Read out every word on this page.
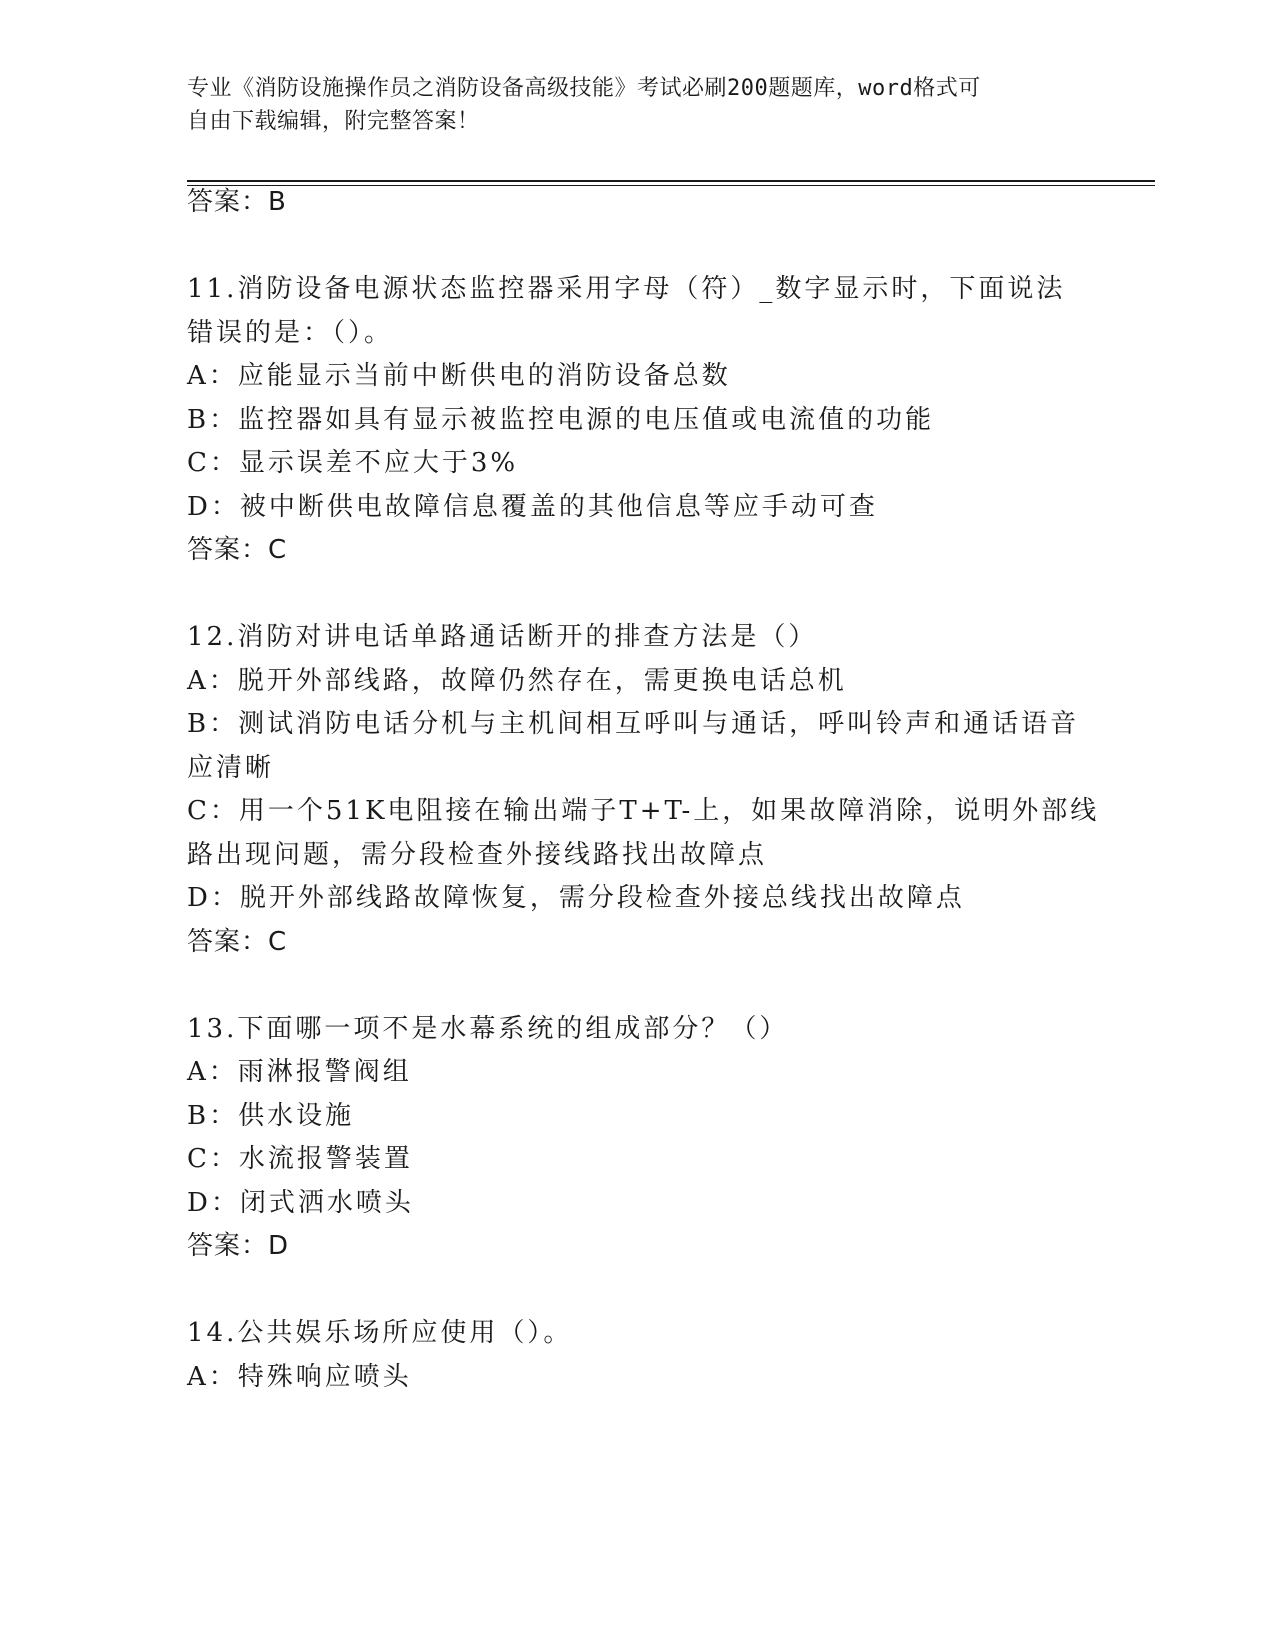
专业《消防设施操作员之消防设备高级技能》考试必刷200题题库，word格式可
自由下载编辑，附完整答案！
答案：B
11.消防设备电源状态监控器采用字母（符）_数字显示时，下面说法
错误的是：（）。
A：应能显示当前中断供电的消防设备总数
B：监控器如具有显示被监控电源的电压值或电流值的功能
C：显示误差不应大于3%
D：被中断供电故障信息覆盖的其他信息等应手动可查
答案：C
12.消防对讲电话单路通话断开的排查方法是（）
A：脱开外部线路，故障仍然存在，需更换电话总机
B：测试消防电话分机与主机间相互呼叫与通话，呼叫铃声和通话语音
应清晰
C：用一个51K电阻接在输出端子T+T-上，如果故障消除，说明外部线
路出现问题，需分段检查外接线路找出故障点
D：脱开外部线路故障恢复，需分段检查外接总线找出故障点
答案：C
13.下面哪一项不是水幕系统的组成部分？（）
A：雨淋报警阀组
B：供水设施
C：水流报警装置
D：闭式洒水喷头
答案：D
14.公共娱乐场所应使用（）。
A：特殊响应喷头
